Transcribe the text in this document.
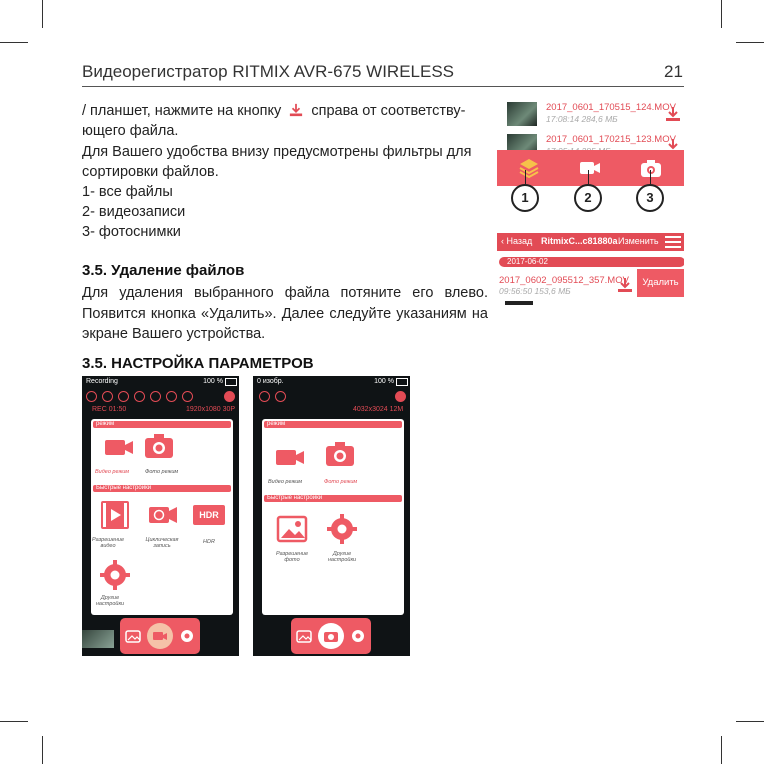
Видеорегистратор RITMIX AVR-675 WIRELESS	21
/ планшет, нажмите на кнопку справа от соответству-
ющего файла.
Для Вашего удобства внизу предусмотрены фильтры для
сортировки файлов.
1- все файлы
2- видеозаписи
3- фотоснимки
3.5. Удаление файлов
Для удаления выбранного файла потяните его влево. Появится кнопка «Удалить». Далее следуйте указаниям на экране Вашего устройства.
3.5. НАСТРОЙКА ПАРАМЕТРОВ
2017_0601_170515_124.MOV
17:08:14 284,6 МБ
2017_0601_170215_123.MOV
1	2	3
‹ Назад RitmixC...c81880a Изменить
2017-06-02
2017_0602_095512_357.MOV
09:56:50 153,6 МБ
Удалить
Recording	100 %
REC 01:50	1920x1080 30P
режим
Видео режим	Фото режим
Быстрые настройки
HDR
Разрешение видео
Циклическая запись
HDR
Другие настройки
0 изобр.	100 %
4032x3024 12M
режим
Видео режим	Фото режим
Быстрые настройки
Разрешение фото
Другие настройки
